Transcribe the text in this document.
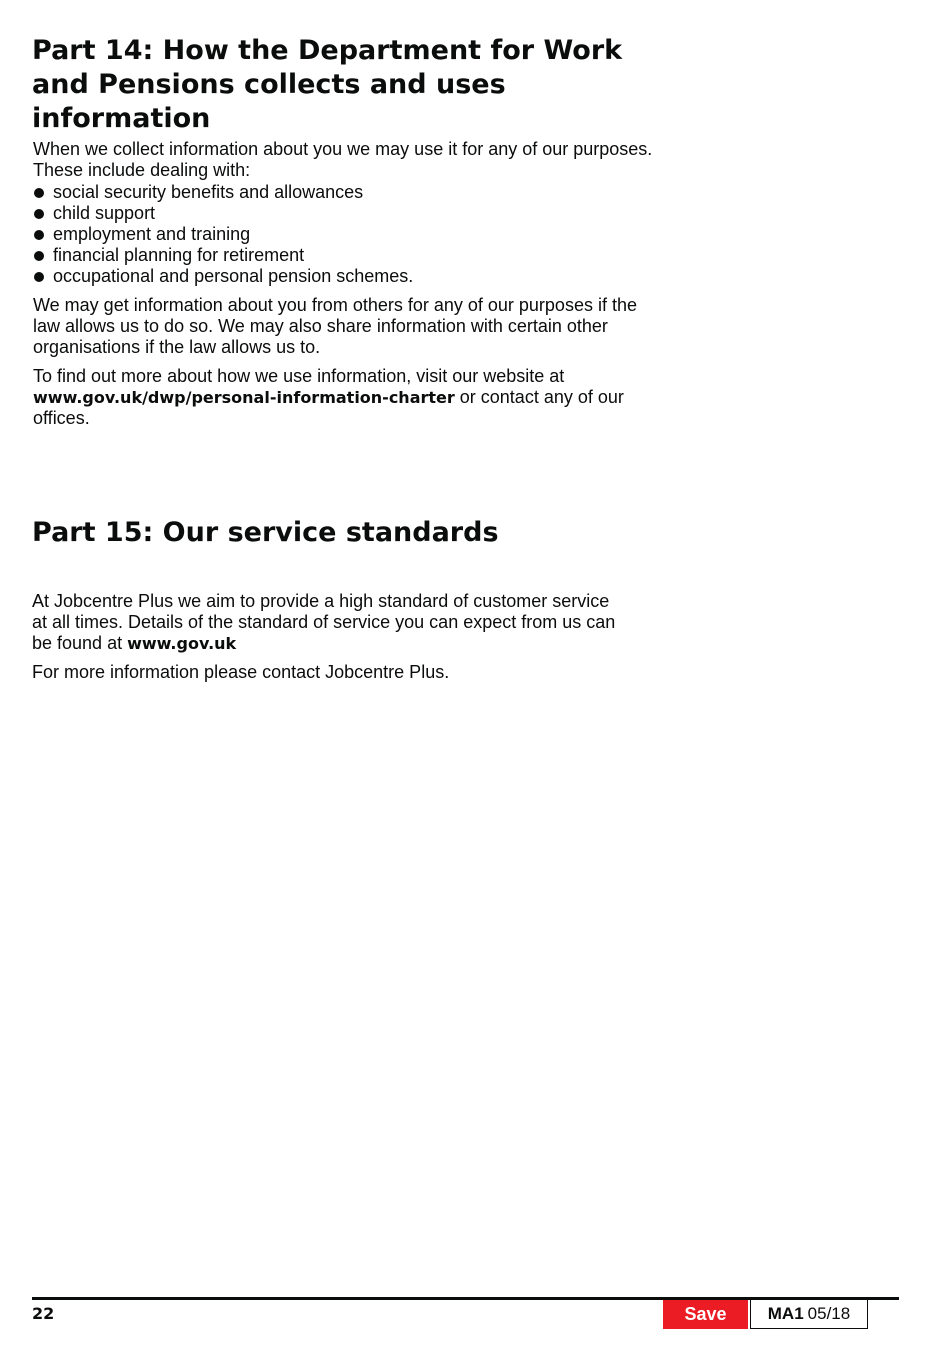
Part 14: How the Department for Work and Pensions collects and uses information
When we collect information about you we may use it for any of our purposes.
These include dealing with:
social security benefits and allowances
child support
employment and training
financial planning for retirement
occupational and personal pension schemes.

We may get information about you from others for any of our purposes if the law allows us to do so. We may also share information with certain other organisations if the law allows us to.

To find out more about how we use information, visit our website at
www.gov.uk/dwp/personal-information-charter or contact any of our offices.

Part 15: Our service standards

At Jobcentre Plus we aim to provide a high standard of customer service at all times. Details of the standard of service you can expect from us can be found at www.gov.uk

For more information please contact Jobcentre Plus.

22	Save	MA1 05/18
